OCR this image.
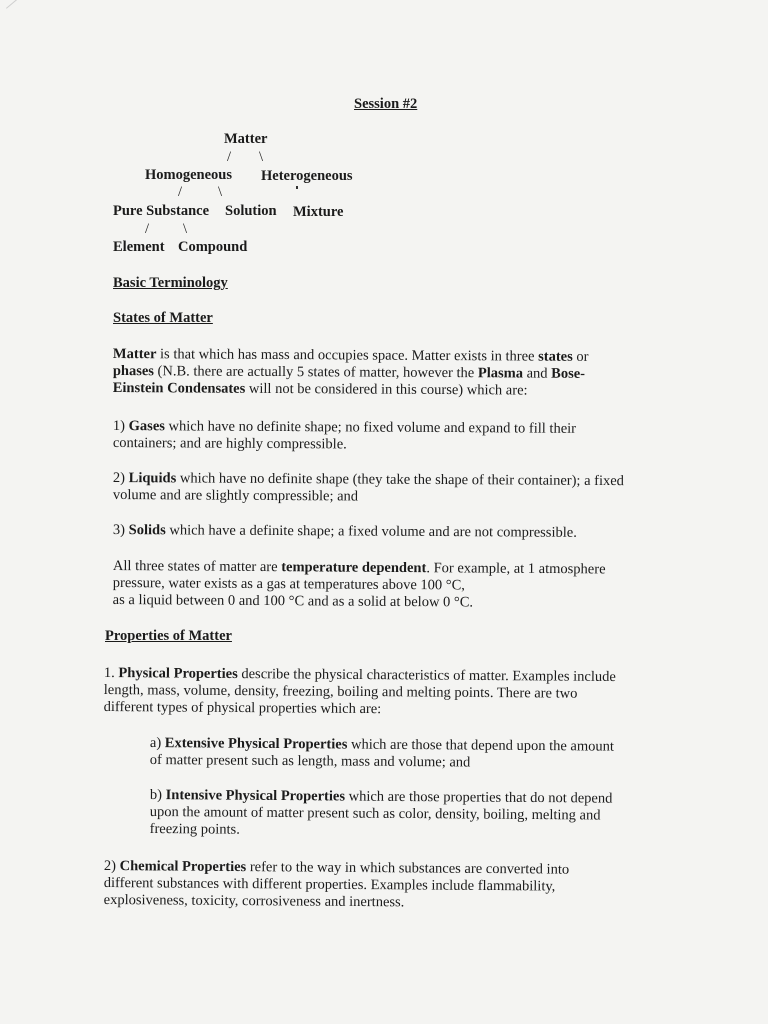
Session #2
Matter
/ \
Homogeneous Heterogeneous
/ \
Pure Substance Solution Mixture
/ \
Element Compound
Basic Terminology
States of Matter
Matter is that which has mass and occupies space. Matter exists in three states or
phases (N.B. there are actually 5 states of matter, however the Plasma and Bose-
Einstein Condensates will not be considered in this course) which are:
1) Gases which have no definite shape; no fixed volume and expand to fill their
containers; and are highly compressible.
2) Liquids which have no definite shape (they take the shape of their container); a fixed
volume and are slightly compressible; and
3) Solids which have a definite shape; a fixed volume and are not compressible.
All three states of matter are temperature dependent. For example, at 1 atmosphere
pressure, water exists as a gas at temperatures above 100 °C,
as a liquid between 0 and 100 °C and as a solid at below 0 °C.
Properties of Matter
1. Physical Properties describe the physical characteristics of matter. Examples include
length, mass, volume, density, freezing, boiling and melting points. There are two
different types of physical properties which are:
a) Extensive Physical Properties which are those that depend upon the amount
of matter present such as length, mass and volume; and
b) Intensive Physical Properties which are those properties that do not depend
upon the amount of matter present such as color, density, boiling, melting and
freezing points.
2) Chemical Properties refer to the way in which substances are converted into
different substances with different properties. Examples include flammability,
explosiveness, toxicity, corrosiveness and inertness.
